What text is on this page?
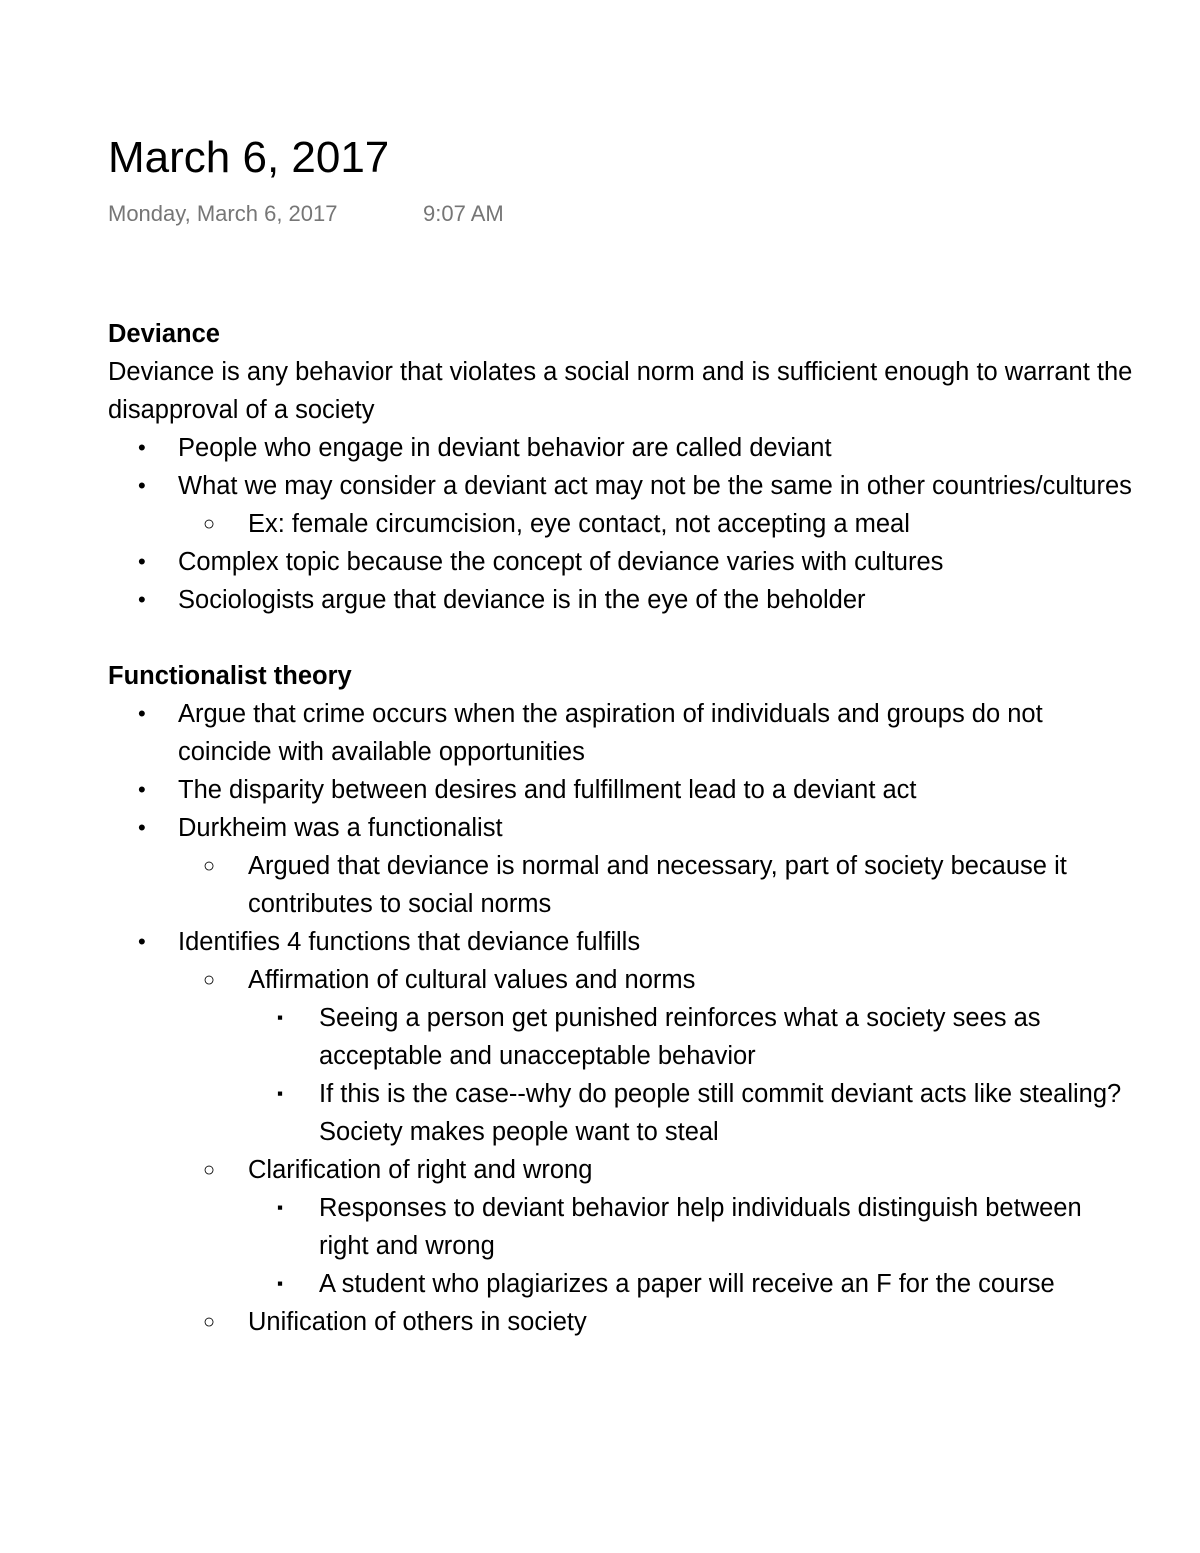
March 6, 2017
Monday, March 6, 2017	9:07 AM
Deviance
Deviance is any behavior that violates a social norm and is sufficient enough to warrant the disapproval of a society
• People who engage in deviant behavior are called deviant
• What we may consider a deviant act may not be the same in other countries/cultures
○ Ex: female circumcision, eye contact, not accepting a meal
• Complex topic because the concept of deviance varies with cultures
• Sociologists argue that deviance is in the eye of the beholder
Functionalist theory
• Argue that crime occurs when the aspiration of individuals and groups do not coincide with available opportunities
• The disparity between desires and fulfillment lead to a deviant act
• Durkheim was a functionalist
○ Argued that deviance is normal and necessary, part of society because it contributes to social norms
• Identifies 4 functions that deviance fulfills
○ Affirmation of cultural values and norms
▪ Seeing a person get punished reinforces what a society sees as acceptable and unacceptable behavior
▪ If this is the case--why do people still commit deviant acts like stealing? Society makes people want to steal
○ Clarification of right and wrong
▪ Responses to deviant behavior help individuals distinguish between right and wrong
▪ A student who plagiarizes a paper will receive an F for the course
○ Unification of others in society
